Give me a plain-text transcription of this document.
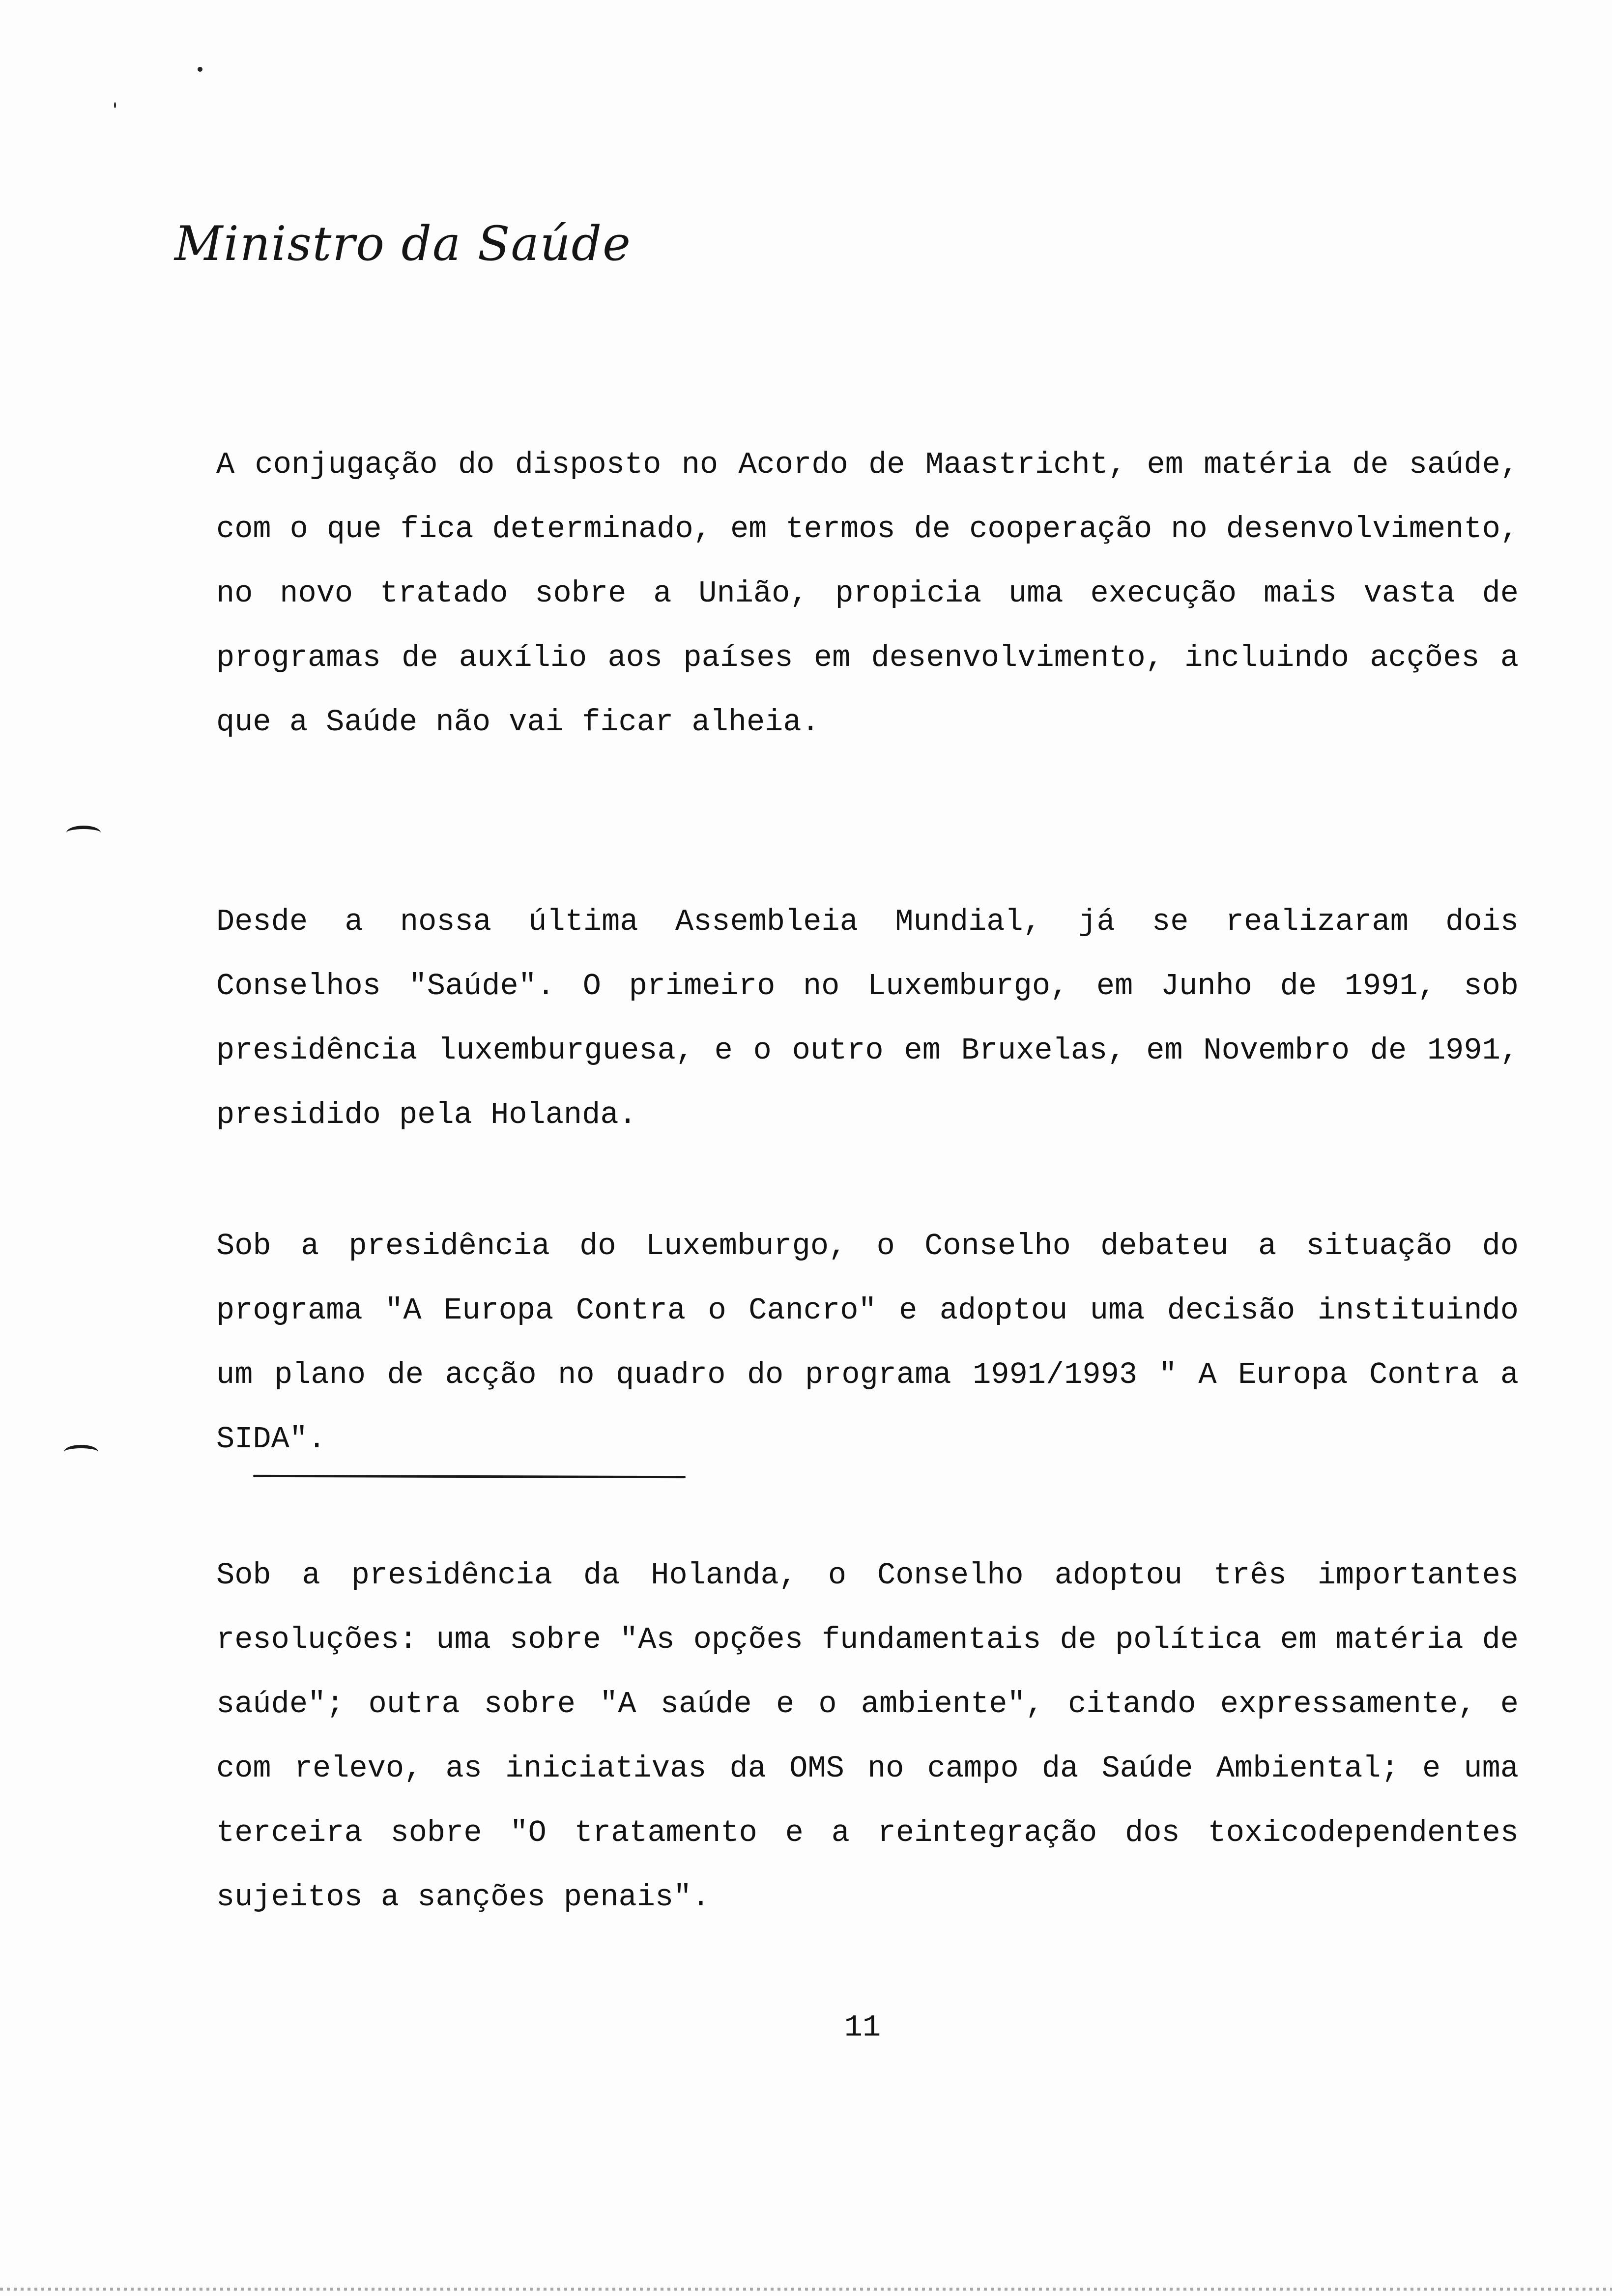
Ministro da Saúde

A conjugação do disposto no Acordo de Maastricht, em matéria de saúde, com o que fica determinado, em termos de cooperação no desenvolvimento, no novo tratado sobre a União, propicia uma execução mais vasta de programas de auxílio aos países em desenvolvimento, incluindo acções a que a Saúde não vai ficar alheia.

Desde a nossa última Assembleia Mundial, já se realizaram dois Conselhos "Saúde". O primeiro no Luxemburgo, em Junho de 1991, sob presidência luxemburguesa, e o outro em Bruxelas, em Novembro de 1991, presidido pela Holanda.

Sob a presidência do Luxemburgo, o Conselho debateu a situação do programa "A Europa Contra o Cancro" e adoptou uma decisão instituindo um plano de acção no quadro do programa 1991/1993 " A Europa Contra a SIDA".

Sob a presidência da Holanda, o Conselho adoptou três importantes resoluções: uma sobre "As opções fundamentais de política em matéria de saúde"; outra sobre "A saúde e o ambiente", citando expressamente, e com relevo, as iniciativas da OMS no campo da Saúde Ambiental; e uma terceira sobre "O tratamento e a reintegração dos toxicodependentes sujeitos a sanções penais".

11
